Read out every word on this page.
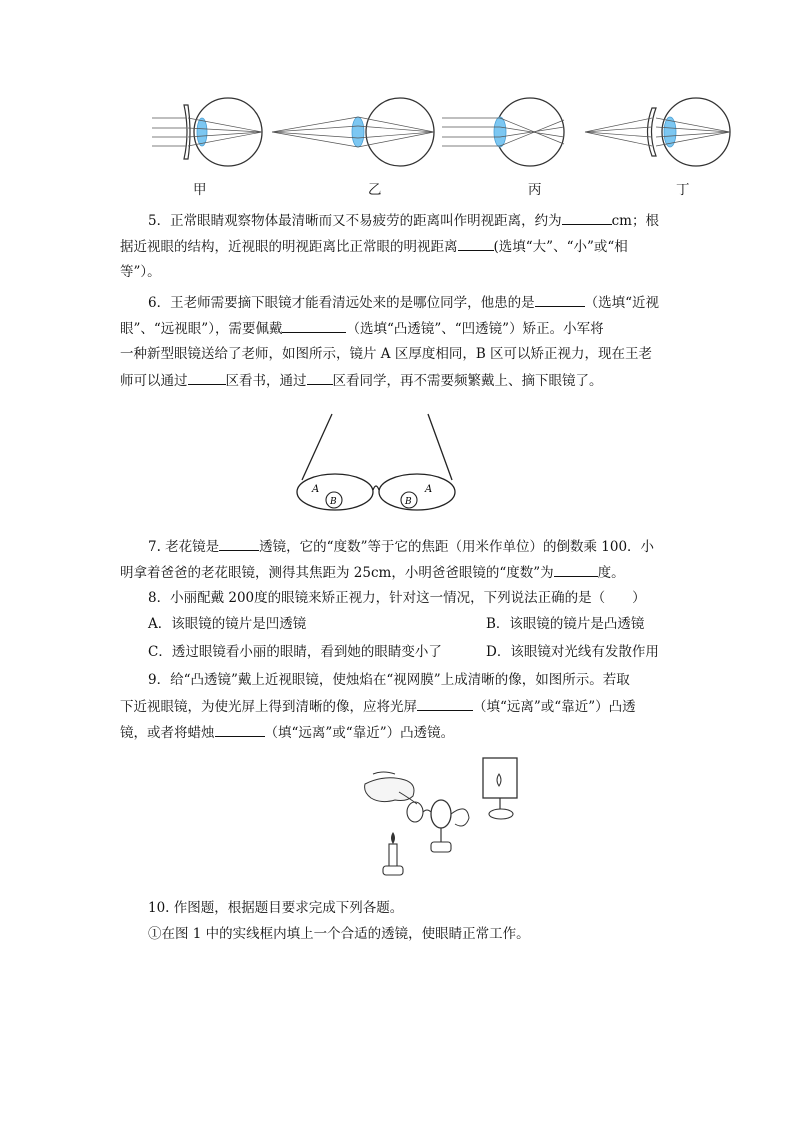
甲	乙	丙	丁
5．正常眼睛观察物体最清晰而又不易疲劳的距离叫作明视距离，约为	cm；根
据近视眼的结构，近视眼的明视距离比正常眼的明视距离	(选填“大”、“小”或“相
等”）。
6．王老师需要摘下眼镜才能看清远处来的是哪位同学，他患的是	（选填“近视
眼”、“远视眼”），需要佩戴	（选填“凸透镜”、“凹透镜”）矫正。小军将
一种新型眼镜送给了老师，如图所示，镜片 A 区厚度相同，B 区可以矫正视力，现在王老
师可以通过	区看书，通过 区看同学，再不需要频繁戴上、摘下眼镜了。
A
B
A
B
7. 老花镜是	透镜，它的“度数”等于它的焦距（用米作单位）的倒数乘 100．小
明拿着爸爸的老花眼镜，测得其焦距为 25cm，小明爸爸眼镜的“度数”为	度。
8．小丽配戴 200度的眼镜来矫正视力，针对这一情况，下列说法正确的是（　　）
A．该眼镜的镜片是凹透镜	B．该眼镜的镜片是凸透镜
C．透过眼镜看小丽的眼睛，看到她的眼睛变小了	D．该眼镜对光线有发散作用
9．给“凸透镜”戴上近视眼镜，使烛焰在“视网膜”上成清晰的像，如图所示。若取
下近视眼镜，为使光屏上得到清晰的像，应将光屏	（填“远离”或“靠近”）凸透
镜，或者将蜡烛	（填“远离”或“靠近”）凸透镜。
10. 作图题，根据题目要求完成下列各题。
①在图 1 中的实线框内填上一个合适的透镜，使眼睛正常工作。
